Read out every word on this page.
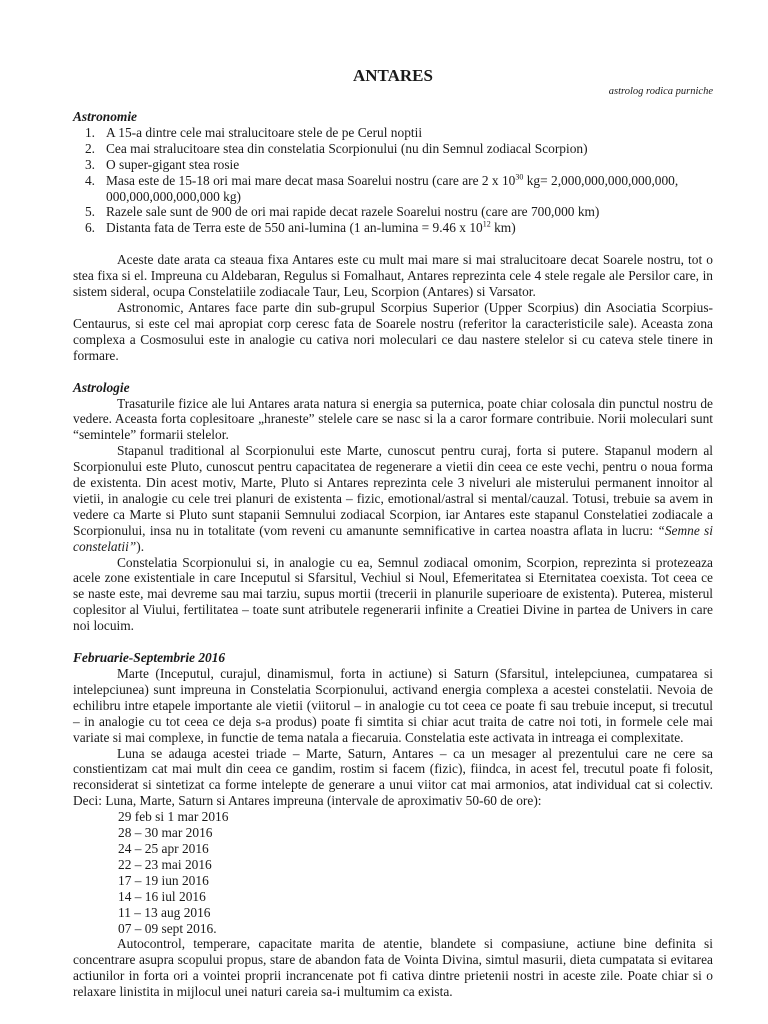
ANTARES

astrolog rodica purniche

Astronomie

1. A 15-a dintre cele mai stralucitoare stele de pe Cerul noptii
2. Cea mai stralucitoare stea din constelatia Scorpionului (nu din Semnul zodiacal Scorpion)
3. O super-gigant stea rosie
4. Masa este de 15-18 ori mai mare decat masa Soarelui nostru (care are 2 x $10^{30}$ kg= 2,000,000,000,000,000, 000,000,000,000,000 kg)
5. Razele sale sunt de 900 de ori mai rapide decat razele Soarelui nostru (care are 700,000 km)
6. Distanta fata de Terra este de 550 ani-lumina (1 an-lumina = 9.46 x $10^{12}$ km)

Aceste date arata ca steaua fixa Antares este cu mult mai mare si mai stralucitoare decat Soarele nostru, tot o stea fixa si el. Impreuna cu Aldebaran, Regulus si Fomalhaut, Antares reprezinta cele 4 stele regale ale Persilor care, in sistem sideral, ocupa Constelatiile zodiacale Taur, Leu, Scorpion (Antares) si Varsator.

Astronomic, Antares face parte din sub-grupul Scorpius Superior (Upper Scorpius) din Asociatia Scorpius-Centaurus, si este cel mai apropiat corp ceresc fata de Soarele nostru (referitor la caracteristicile sale). Aceasta zona complexa a Cosmosului este in analogie cu cativa nori moleculari ce dau nastere stelelor si cu cateva stele tinere in formare.

Astrologie

Trasaturile fizice ale lui Antares arata natura si energia sa puternica, poate chiar colosala din punctul nostru de vedere. Aceasta forta coplesitoare „hraneste” stelele care se nasc si la a caror formare contribuie. Norii moleculari sunt “semintele” formarii stelelor.

Stapanul traditional al Scorpionului este Marte, cunoscut pentru curaj, forta si putere. Stapanul modern al Scorpionului este Pluto, cunoscut pentru capacitatea de regenerare a vietii din ceea ce este vechi, pentru o noua forma de existenta. Din acest motiv, Marte, Pluto si Antares reprezinta cele 3 niveluri ale misterului permanent innoitor al vietii, in analogie cu cele trei planuri de existenta – fizic, emotional/astral si mental/cauzal. Totusi, trebuie sa avem in vedere ca Marte si Pluto sunt stapanii Semnului zodiacal Scorpion, iar Antares este stapanul Constelatiei zodiacale a Scorpionului, insa nu in totalitate (vom reveni cu amanunte semnificative in cartea noastra aflata in lucru: “Semne si constelatii”).

Constelatia Scorpionului si, in analogie cu ea, Semnul zodiacal omonim, Scorpion, reprezinta si protezeaza acele zone existentiale in care Inceputul si Sfarsitul, Vechiul si Noul, Efemeritatea si Eternitatea coexista. Tot ceea ce se naste este, mai devreme sau mai tarziu, supus mortii (trecerii in planurile superioare de existenta). Puterea, misterul coplesitor al Viului, fertilitatea – toate sunt atributele regenerarii infinite a Creatiei Divine in partea de Univers in care noi locuim.

Februarie-Septembrie 2016

Marte (Inceputul, curajul, dinamismul, forta in actiune) si Saturn (Sfarsitul, intelepciunea, cumpatarea si intelepciunea) sunt impreuna in Constelatia Scorpionului, activand energia complexa a acestei constelatii. Nevoia de echilibru intre etapele importante ale vietii (viitorul – in analogie cu tot ceea ce poate fi sau trebuie inceput, si trecutul – in analogie cu tot ceea ce deja s-a produs) poate fi simtita si chiar acut traita de catre noi toti, in formele cele mai variate si mai complexe, in functie de tema natala a fiecaruia. Constelatia este activata in intreaga ei complexitate.

Luna se adauga acestei triade – Marte, Saturn, Antares – ca un mesager al prezentului care ne cere sa constientizam cat mai mult din ceea ce gandim, rostim si facem (fizic), fiindca, in acest fel, trecutul poate fi folosit, reconsiderat si sintetizat ca forme intelepte de generare a unui viitor cat mai armonios, atat individual cat si colectiv. Deci: Luna, Marte, Saturn si Antares impreuna (intervale de aproximativ 50-60 de ore):

29 feb si 1 mar 2016
28 – 30 mar 2016
24 – 25 apr 2016
22 – 23 mai 2016
17 – 19 iun 2016
14 – 16 iul 2016
11 – 13 aug 2016
07 – 09 sept 2016.

Autocontrol, temperare, capacitate marita de atentie, blandete si compasiune, actiune bine definita si concentrare asupra scopului propus, stare de abandon fata de Vointa Divina, simtul masurii, dieta cumpatata si evitarea actiunilor in forta ori a vointei proprii incrancenate pot fi cativa dintre prietenii nostri in aceste zile. Poate chiar si o relaxare linistita in mijlocul unei naturi careia sa-i multumim ca exista.
